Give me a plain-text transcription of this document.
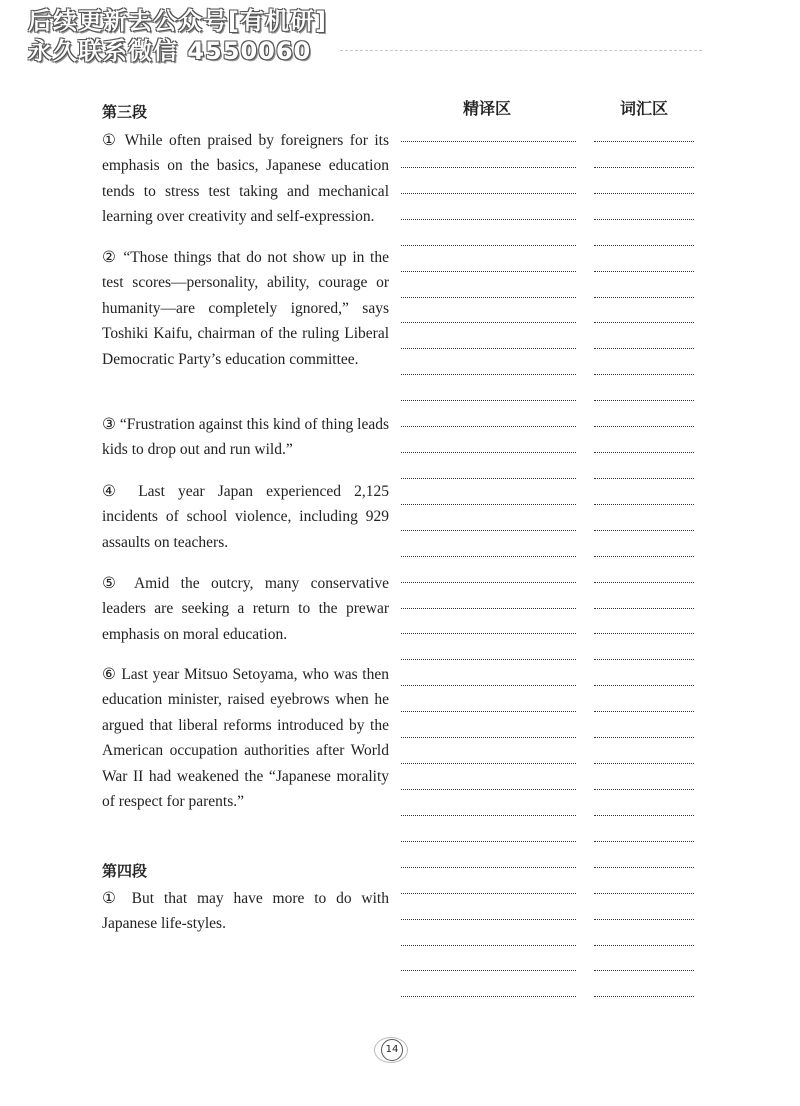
后续更新去公众号[有机研]
永久联系微信 4550060
精译区	词汇区
第三段
① While often praised by foreigners for its emphasis on the basics, Japanese education tends to stress test taking and mechanical learning over creativity and self-expression.
② “Those things that do not show up in the test scores—personality, ability, courage or humanity—are completely ignored,” says Toshiki Kaifu, chairman of the ruling Liberal Democratic Party’s education committee.
③ “Frustration against this kind of thing leads kids to drop out and run wild.”
④ Last year Japan experienced 2,125 incidents of school violence, including 929 assaults on teachers.
⑤ Amid the outcry, many conservative leaders are seeking a return to the prewar emphasis on moral education.
⑥ Last year Mitsuo Setoyama, who was then education minister, raised eyebrows when he argued that liberal reforms introduced by the American occupation authorities after World War II had weakened the “Japanese morality of respect for parents.”
第四段
① But that may have more to do with Japanese life-styles.
14
